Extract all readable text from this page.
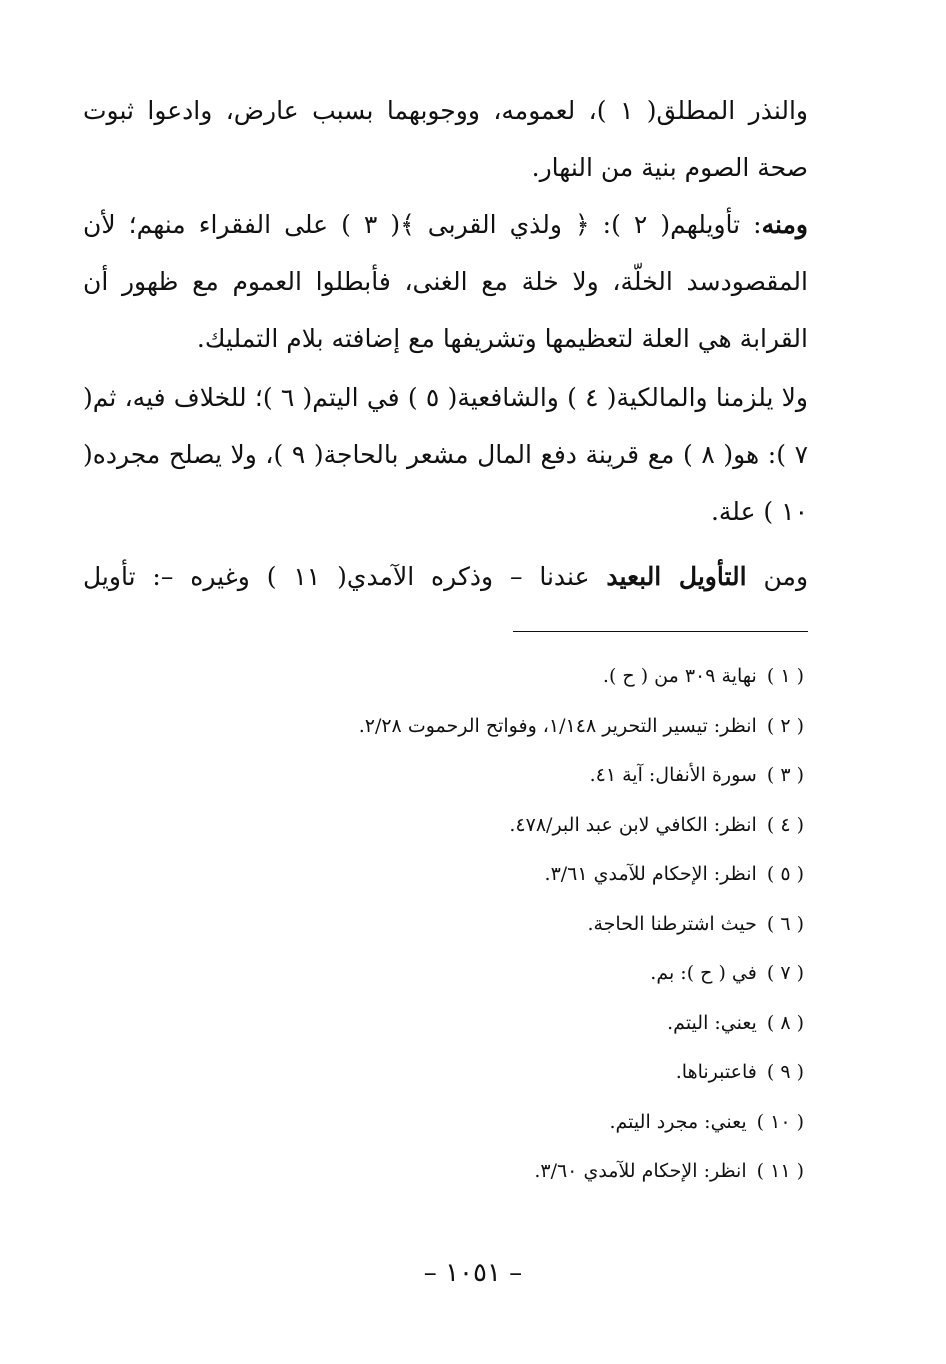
والنذر المطلق( ١ )، لعمومه، ووجوبهما بسبب عارض، وادعوا ثبوت صحة الصوم بنية من النهار.

ومنه: تأويلهم( ٢ ): ﴿ ولذي القربى ﴾( ٣ ) على الفقراء منهم؛ لأن المقصودسد الخلّة، ولا خلة مع الغنى، فأبطلوا العموم مع ظهور أن القرابة هي العلة لتعظيمها وتشريفها مع إضافته بلام التمليك.

ولا يلزمنا والمالكية( ٤ ) والشافعية( ٥ ) في اليتم( ٦ )؛ للخلاف فيه، ثم( ٧ ): هو( ٨ ) مع قرينة دفع المال مشعر بالحاجة( ٩ )، ولا يصلح مجرده( ١٠ ) علة.

ومن التأويل البعيد عندنا – وذكره الآمدي( ١١ ) وغيره –: تأويل

( ١ ) نهاية ٣٠٩ من ( ح ).
( ٢ ) انظر: تيسير التحرير ١/١٤٨، وفواتح الرحموت ٢/٢٨.
( ٣ ) سورة الأنفال: آية ٤١.
( ٤ ) انظر: الكافي لابن عبد البر/٤٧٨.
( ٥ ) انظر: الإحكام للآمدي ٣/٦١.
( ٦ ) حيث اشترطنا الحاجة.
( ٧ ) في ( ح ): بم.
( ٨ ) يعني: اليتم.
( ٩ ) فاعتبرناها.
( ١٠ ) يعني: مجرد اليتم.
( ١١ ) انظر: الإحكام للآمدي ٣/٦٠.
– ١٠٥١ –
